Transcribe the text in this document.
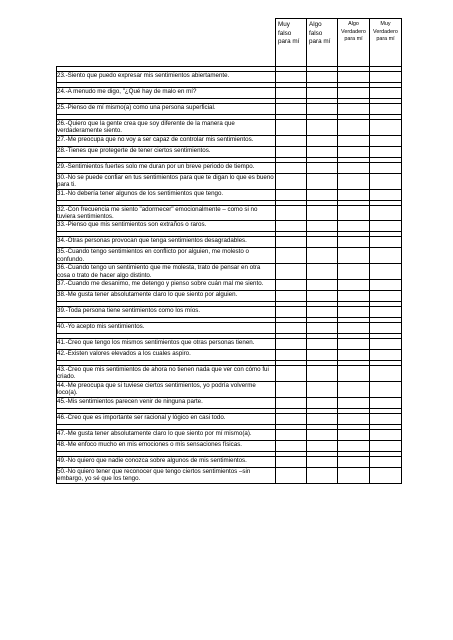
	Muy falso para mí	Algo falso para mí	Algo Verdadero para mí	Muy Verdadero para mí

23.-Siento que puedo expresar mis sentimientos abiertamente.				

24.-A menudo me digo, "¿Qué hay de malo en mí?				

25.-Pienso de mí mismo(a) como una persona superficial.				

26.-Quiero que la gente crea que soy diferente de la manera que verdaderamente siento.				
27.-Me preocupa que no voy a ser capaz de controlar mis sentimientos.				
28.-Tienes que protegerte de tener ciertos sentimientos.				

29.-Sentimientos fuertes solo me duran por un breve periodo de tiempo.				
30.-No se puede confiar en tus sentimientos para que te digan lo que es bueno para ti.				
31.-No debería tener algunos de los sentimientos que tengo.				

32.-Con frecuencia me siento "adormecer" emocionalmente – como si no tuviera sentimientos.				
33.-Pienso que mis sentimientos son extraños o raros.				

34.-Otras personas provocan que tenga sentimientos desagradables.				
35.-Cuando tengo sentimientos en conflicto por alguien, me molesto o confundo.				
36.-Cuando tengo un sentimiento que me molesta, trato de pensar en otra cosa o trato de hacer algo distinto.				
37.-Cuando me desanimo, me detengo y pienso sobre cuán mal me siento.				
38.-Me gusta tener absolutamente claro lo que siento por alguien.				

39.-Toda persona tiene sentimientos como los míos.				

40.-Yo acepto mis sentimientos.				

41.-Creo que tengo los mismos sentimientos que otras personas tienen.				
42.-Existen valores elevados a los cuales aspiro.				

43.-Creo que mis sentimientos de ahora no tienen nada que ver con cómo fui criado.				
44.-Me preocupa que si tuviese ciertos sentimientos, yo podría volverme loco(a).				
45.-Mis sentimientos parecen venir de ninguna parte.				

46.-Creo que es importante ser racional y lógico en casi todo.				

47.-Me gusta tener absolutamente claro lo que siento por mí mismo(a).				
48.-Me enfoco mucho en mis emociones o mis sensaciones físicas.				

49.-No quiero que nadie conozca sobre algunos de mis sentimientos.				
50.-No quiero tener que reconocer que tengo ciertos sentimientos –sin embargo, yo sé que los tengo.				
